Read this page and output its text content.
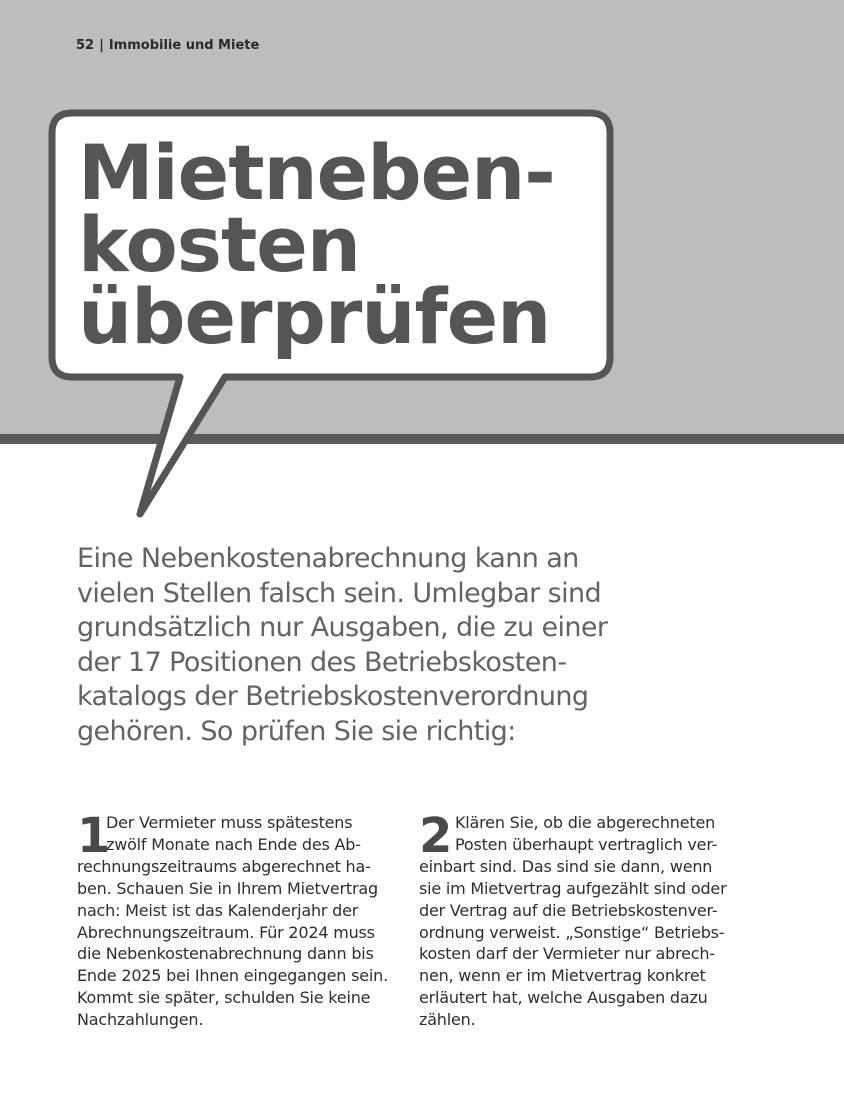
52 | Immobilie und Miete
Mietneben-
kosten
überprüfen

Eine Nebenkostenabrechnung kann an
vielen Stellen falsch sein. Umlegbar sind
grundsätzlich nur Ausgaben, die zu einer
der 17 Positionen des Betriebskosten-
katalogs der Betriebskostenverordnung
gehören. So prüfen Sie sie richtig:

1
Der Vermieter muss spätestens
zwölf Monate nach Ende des Ab-
rechnungszeitraums abgerechnet ha-
ben. Schauen Sie in Ihrem Mietvertrag
nach: Meist ist das Kalenderjahr der
Abrechnungszeitraum. Für 2024 muss
die Nebenkostenabrechnung dann bis
Ende 2025 bei Ihnen eingegangen sein.
Kommt sie später, schulden Sie keine
Nachzahlungen.
2 Klären Sie, ob die abgerechneten
Posten überhaupt vertraglich ver-
einbart sind. Das sind sie dann, wenn
sie im Mietvertrag aufgezählt sind oder
der Vertrag auf die Betriebskostenver-
ordnung verweist. „Sonstige“ Betriebs-
kosten darf der Vermieter nur abrech-
nen, wenn er im Mietvertrag konkret
erläutert hat, welche Ausgaben dazu
zählen.
